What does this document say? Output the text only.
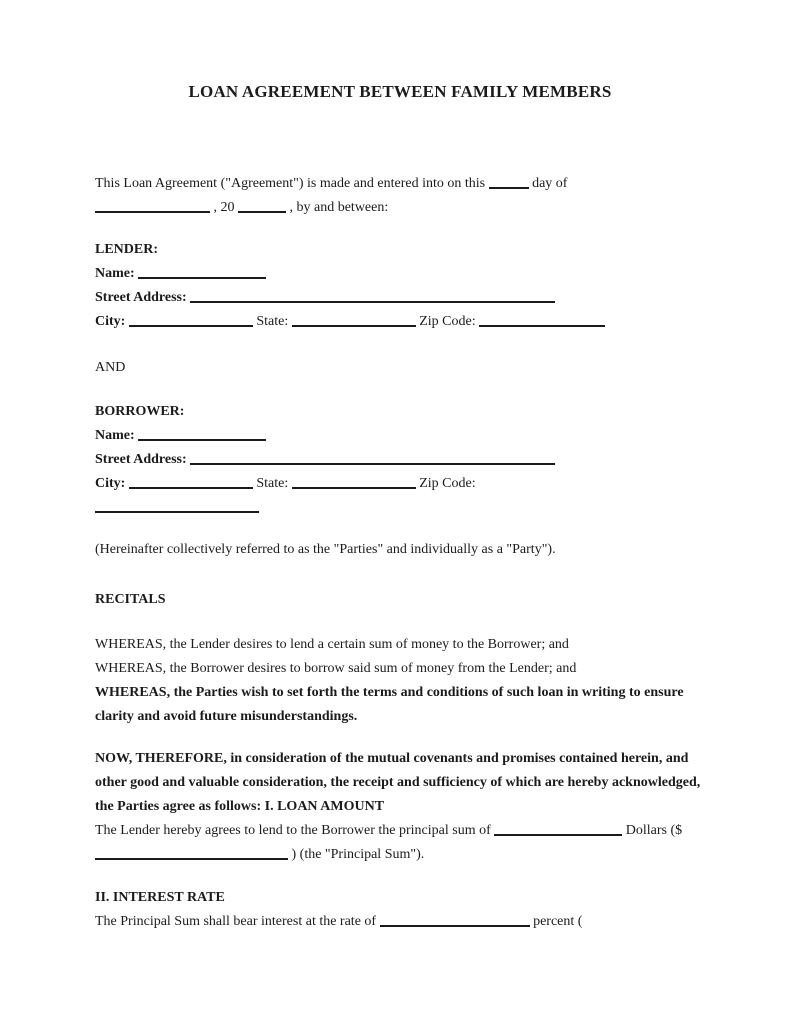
LOAN AGREEMENT BETWEEN FAMILY MEMBERS

This Loan Agreement ("Agreement") is made and entered into on this	day of
, 20	, by and between:

LENDER:

Name:

Street Address:

City:	State:	Zip Code:

AND

BORROWER:

Name:

Street Address:

City:	State:	Zip Code:

(Hereinafter collectively referred to as the "Parties" and individually as a "Party").

RECITALS

WHEREAS, the Lender desires to lend a certain sum of money to the Borrower; and

WHEREAS, the Borrower desires to borrow said sum of money from the Lender; and

WHEREAS, the Parties wish to set forth the terms and conditions of such loan in writing to ensure clarity and avoid future misunderstandings.

NOW, THEREFORE, in consideration of the mutual covenants and promises contained herein, and other good and valuable consideration, the receipt and sufficiency of which are hereby acknowledged, the Parties agree as follows: I. LOAN AMOUNT

The Lender hereby agrees to lend to the Borrower the principal sum of	Dollars ($
) (the "Principal Sum").

II. INTEREST RATE

The Principal Sum shall bear interest at the rate of	percent (
